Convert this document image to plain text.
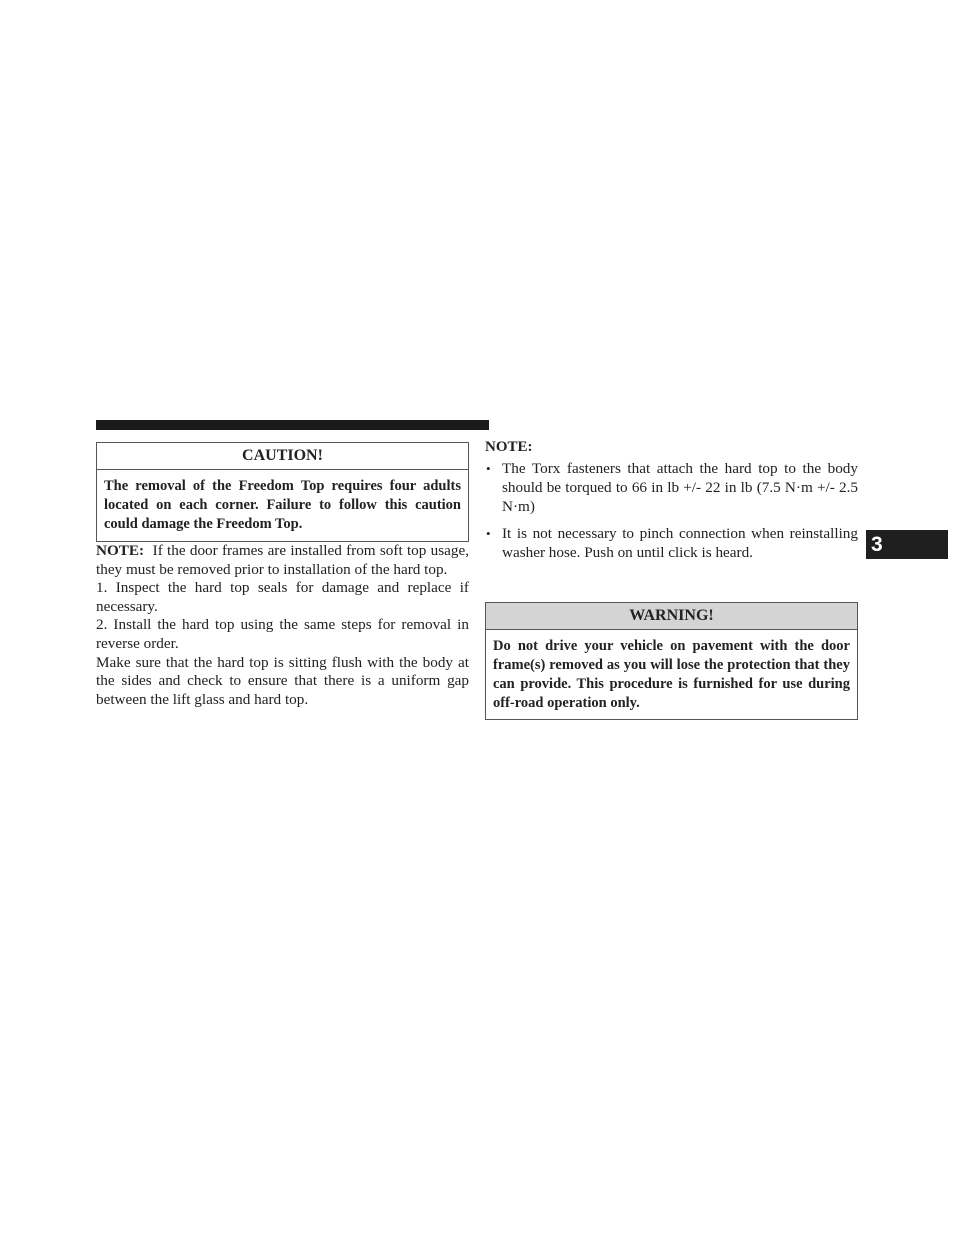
CAUTION!
The removal of the Freedom Top requires four adults located on each corner. Failure to follow this caution could damage the Freedom Top.

NOTE: If the door frames are installed from soft top usage, they must be removed prior to installation of the hard top.

1. Inspect the hard top seals for damage and replace if necessary.

2. Install the hard top using the same steps for removal in reverse order.

Make sure that the hard top is sitting flush with the body at the sides and check to ensure that there is a uniform gap between the lift glass and hard top.

NOTE:
• The Torx fasteners that attach the hard top to the body should be torqued to 66 in lb +/- 22 in lb (7.5 N·m +/- 2.5 N·m)
• It is not necessary to pinch connection when reinstalling washer hose. Push on until click is heard.
WARNING!
Do not drive your vehicle on pavement with the door frame(s) removed as you will lose the protection that they can provide. This procedure is furnished for use during off-road operation only.
3
